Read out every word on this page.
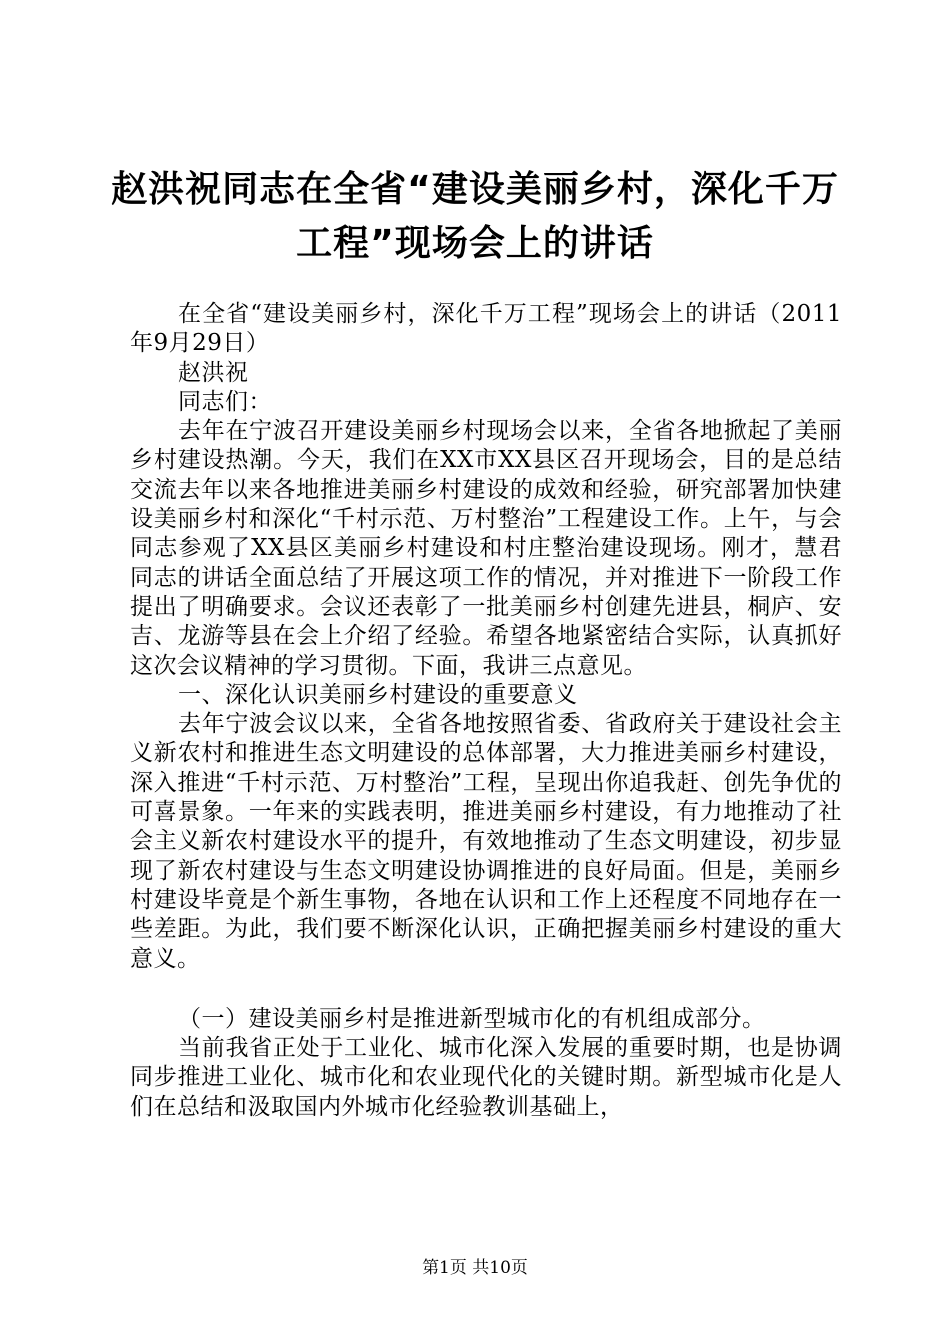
赵洪祝同志在全省“建设美丽乡村，深化千万
工程”现场会上的讲话

在全省“建设美丽乡村，深化千万工程”现场会上的讲话（2011年9月29日）

赵洪祝

同志们：

去年在宁波召开建设美丽乡村现场会以来，全省各地掀起了美丽乡村建设热潮。今天，我们在XX市XX县区召开现场会，目的是总结交流去年以来各地推进美丽乡村建设的成效和经验，研究部署加快建设美丽乡村和深化“千村示范、万村整治”工程建设工作。上午，与会同志参观了XX县区美丽乡村建设和村庄整治建设现场。刚才，慧君同志的讲话全面总结了开展这项工作的情况，并对推进下一阶段工作提出了明确要求。会议还表彰了一批美丽乡村创建先进县，桐庐、安吉、龙游等县在会上介绍了经验。希望各地紧密结合实际，认真抓好这次会议精神的学习贯彻。下面，我讲三点意见。

一、深化认识美丽乡村建设的重要意义

去年宁波会议以来，全省各地按照省委、省政府关于建设社会主义新农村和推进生态文明建设的总体部署，大力推进美丽乡村建设，深入推进“千村示范、万村整治”工程，呈现出你追我赶、创先争优的可喜景象。一年来的实践表明，推进美丽乡村建设，有力地推动了社会主义新农村建设水平的提升，有效地推动了生态文明建设，初步显现了新农村建设与生态文明建设协调推进的良好局面。但是，美丽乡村建设毕竟是个新生事物，各地在认识和工作上还程度不同地存在一些差距。为此，我们要不断深化认识，正确把握美丽乡村建设的重大意义。

（一）建设美丽乡村是推进新型城市化的有机组成部分。

当前我省正处于工业化、城市化深入发展的重要时期，也是协调同步推进工业化、城市化和农业现代化的关键时期。新型城市化是人们在总结和汲取国内外城市化经验教训基础上，

第1页 共10页
